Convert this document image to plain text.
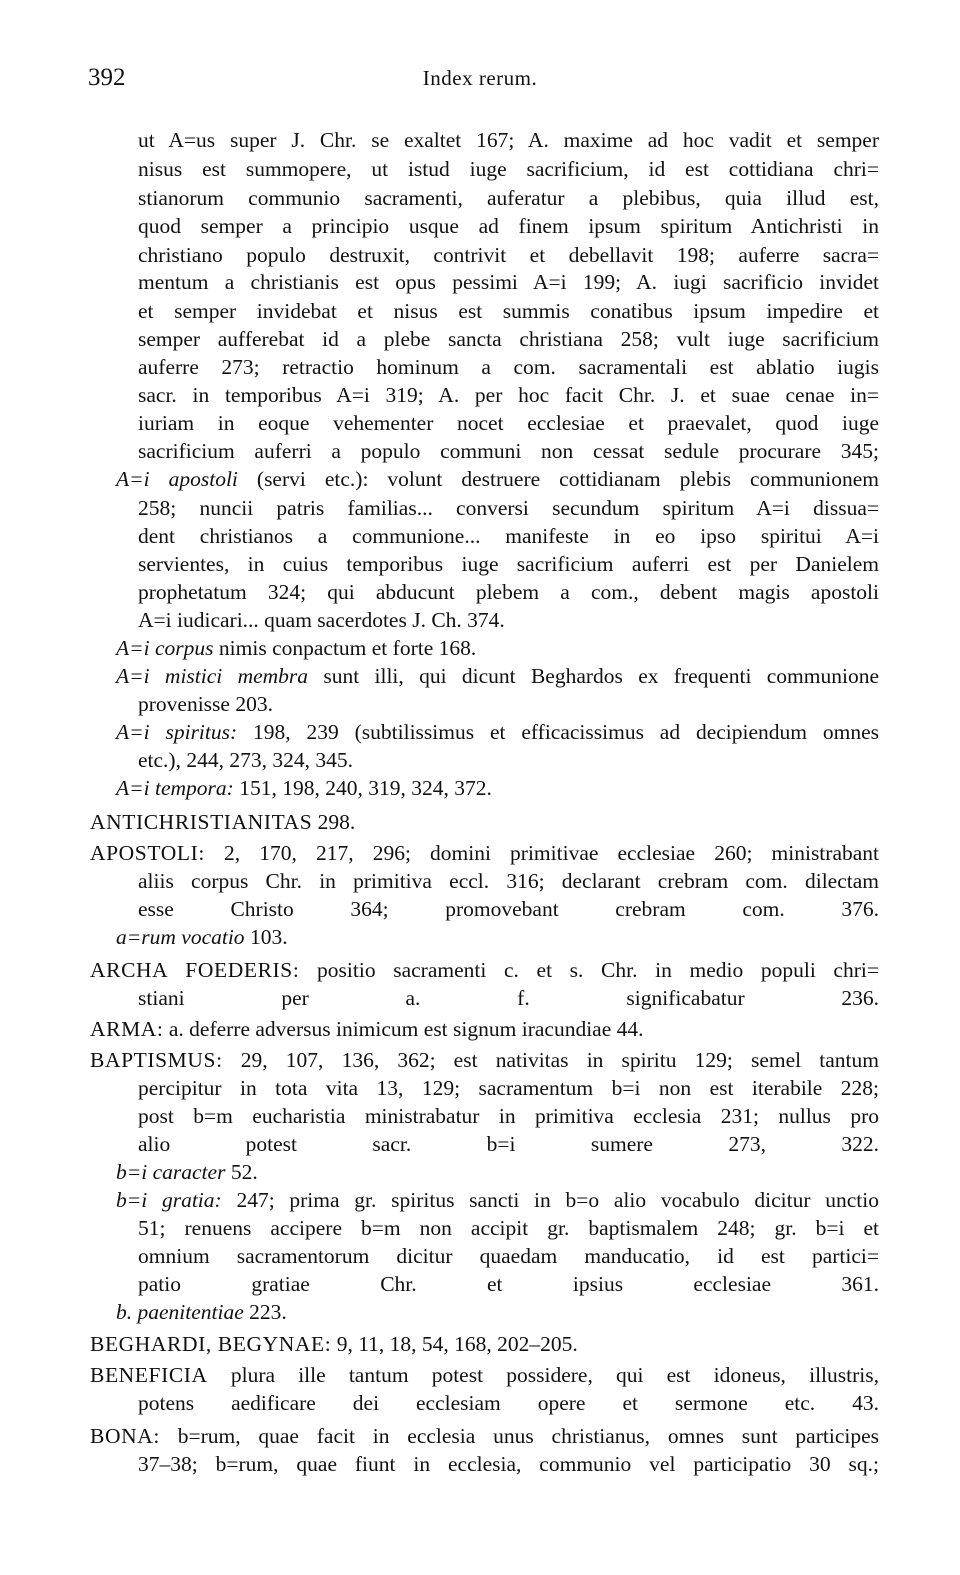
392	Index rerum.
ut A=us super J. Chr. se exaltet 167; A. maxime ad hoc vadit et semper
nisus est summopere, ut istud iuge sacrificium, id est cottidiana chri=
stianorum communio sacramenti, auferatur a plebibus, quia illud est,
quod semper a principio usque ad finem ipsum spiritum Antichristi in
christiano populo destruxit, contrivit et debellavit 198; auferre sacra=
mentum a christianis est opus pessimi A=i 199; A. iugi sacrificio invidet
et semper invidebat et nisus est summis conatibus ipsum impedire et
semper aufferebat id a plebe sancta christiana 258; vult iuge sacrificium
auferre 273; retractio hominum a com. sacramentali est ablatio iugis
sacr. in temporibus A=i 319; A. per hoc facit Chr. J. et suae cenae in=
iuriam in eoque vehementer nocet ecclesiae et praevalet, quod iuge
sacrificium auferri a populo communi non cessat sedule procurare 345;
A=i apostoli (servi etc.): volunt destruere cottidianam plebis communionem
258; nuncii patris familias... conversi secundum spiritum A=i dissua=
dent christianos a communione... manifeste in eo ipso spiritui A=i
servientes, in cuius temporibus iuge sacrificium auferri est per Danielem
prophetatum 324; qui abducunt plebem a com., debent magis apostoli
A=i iudicari... quam sacerdotes J. Ch. 374.
A=i corpus nimis conpactum et forte 168.
A=i mistici membra sunt illi, qui dicunt Beghardos ex frequenti communione
provenisse 203.
A=i spiritus: 198, 239 (subtilissimus et efficacissimus ad decipiendum omnes
etc.), 244, 273, 324, 345.
A=i tempora: 151, 198, 240, 319, 324, 372.
ANTICHRISTIANITAS 298.
APOSTOLI: 2, 170, 217, 296; domini primitivae ecclesiae 260; ministrabant
aliis corpus Chr. in primitiva eccl. 316; declarant crebram com. dilectam
esse Christo 364; promovebant crebram com. 376.
a=rum vocatio 103.
ARCHA FOEDERIS: positio sacramenti c. et s. Chr. in medio populi chri=
stiani per a. f. significabatur 236.
ARMA: a. deferre adversus inimicum est signum iracundiae 44.
BAPTISMUS: 29, 107, 136, 362; est nativitas in spiritu 129; semel tantum
percipitur in tota vita 13, 129; sacramentum b=i non est iterabile 228;
post b=m eucharistia ministrabatur in primitiva ecclesia 231; nullus pro
alio potest sacr. b=i sumere 273, 322.
b=i caracter 52.
b=i gratia: 247; prima gr. spiritus sancti in b=o alio vocabulo dicitur unctio
51; renuens accipere b=m non accipit gr. baptismalem 248; gr. b=i et
omnium sacramentorum dicitur quaedam manducatio, id est partici=
patio gratiae Chr. et ipsius ecclesiae 361.
b. paenitentiae 223.
BEGHARDI, BEGYNAE: 9, 11, 18, 54, 168, 202–205.
BENEFICIA plura ille tantum potest possidere, qui est idoneus, illustris,
potens aedificare dei ecclesiam opere et sermone etc. 43.
BONA: b=rum, quae facit in ecclesia unus christianus, omnes sunt participes
37–38; b=rum, quae fiunt in ecclesia, communio vel participatio 30 sq.;
